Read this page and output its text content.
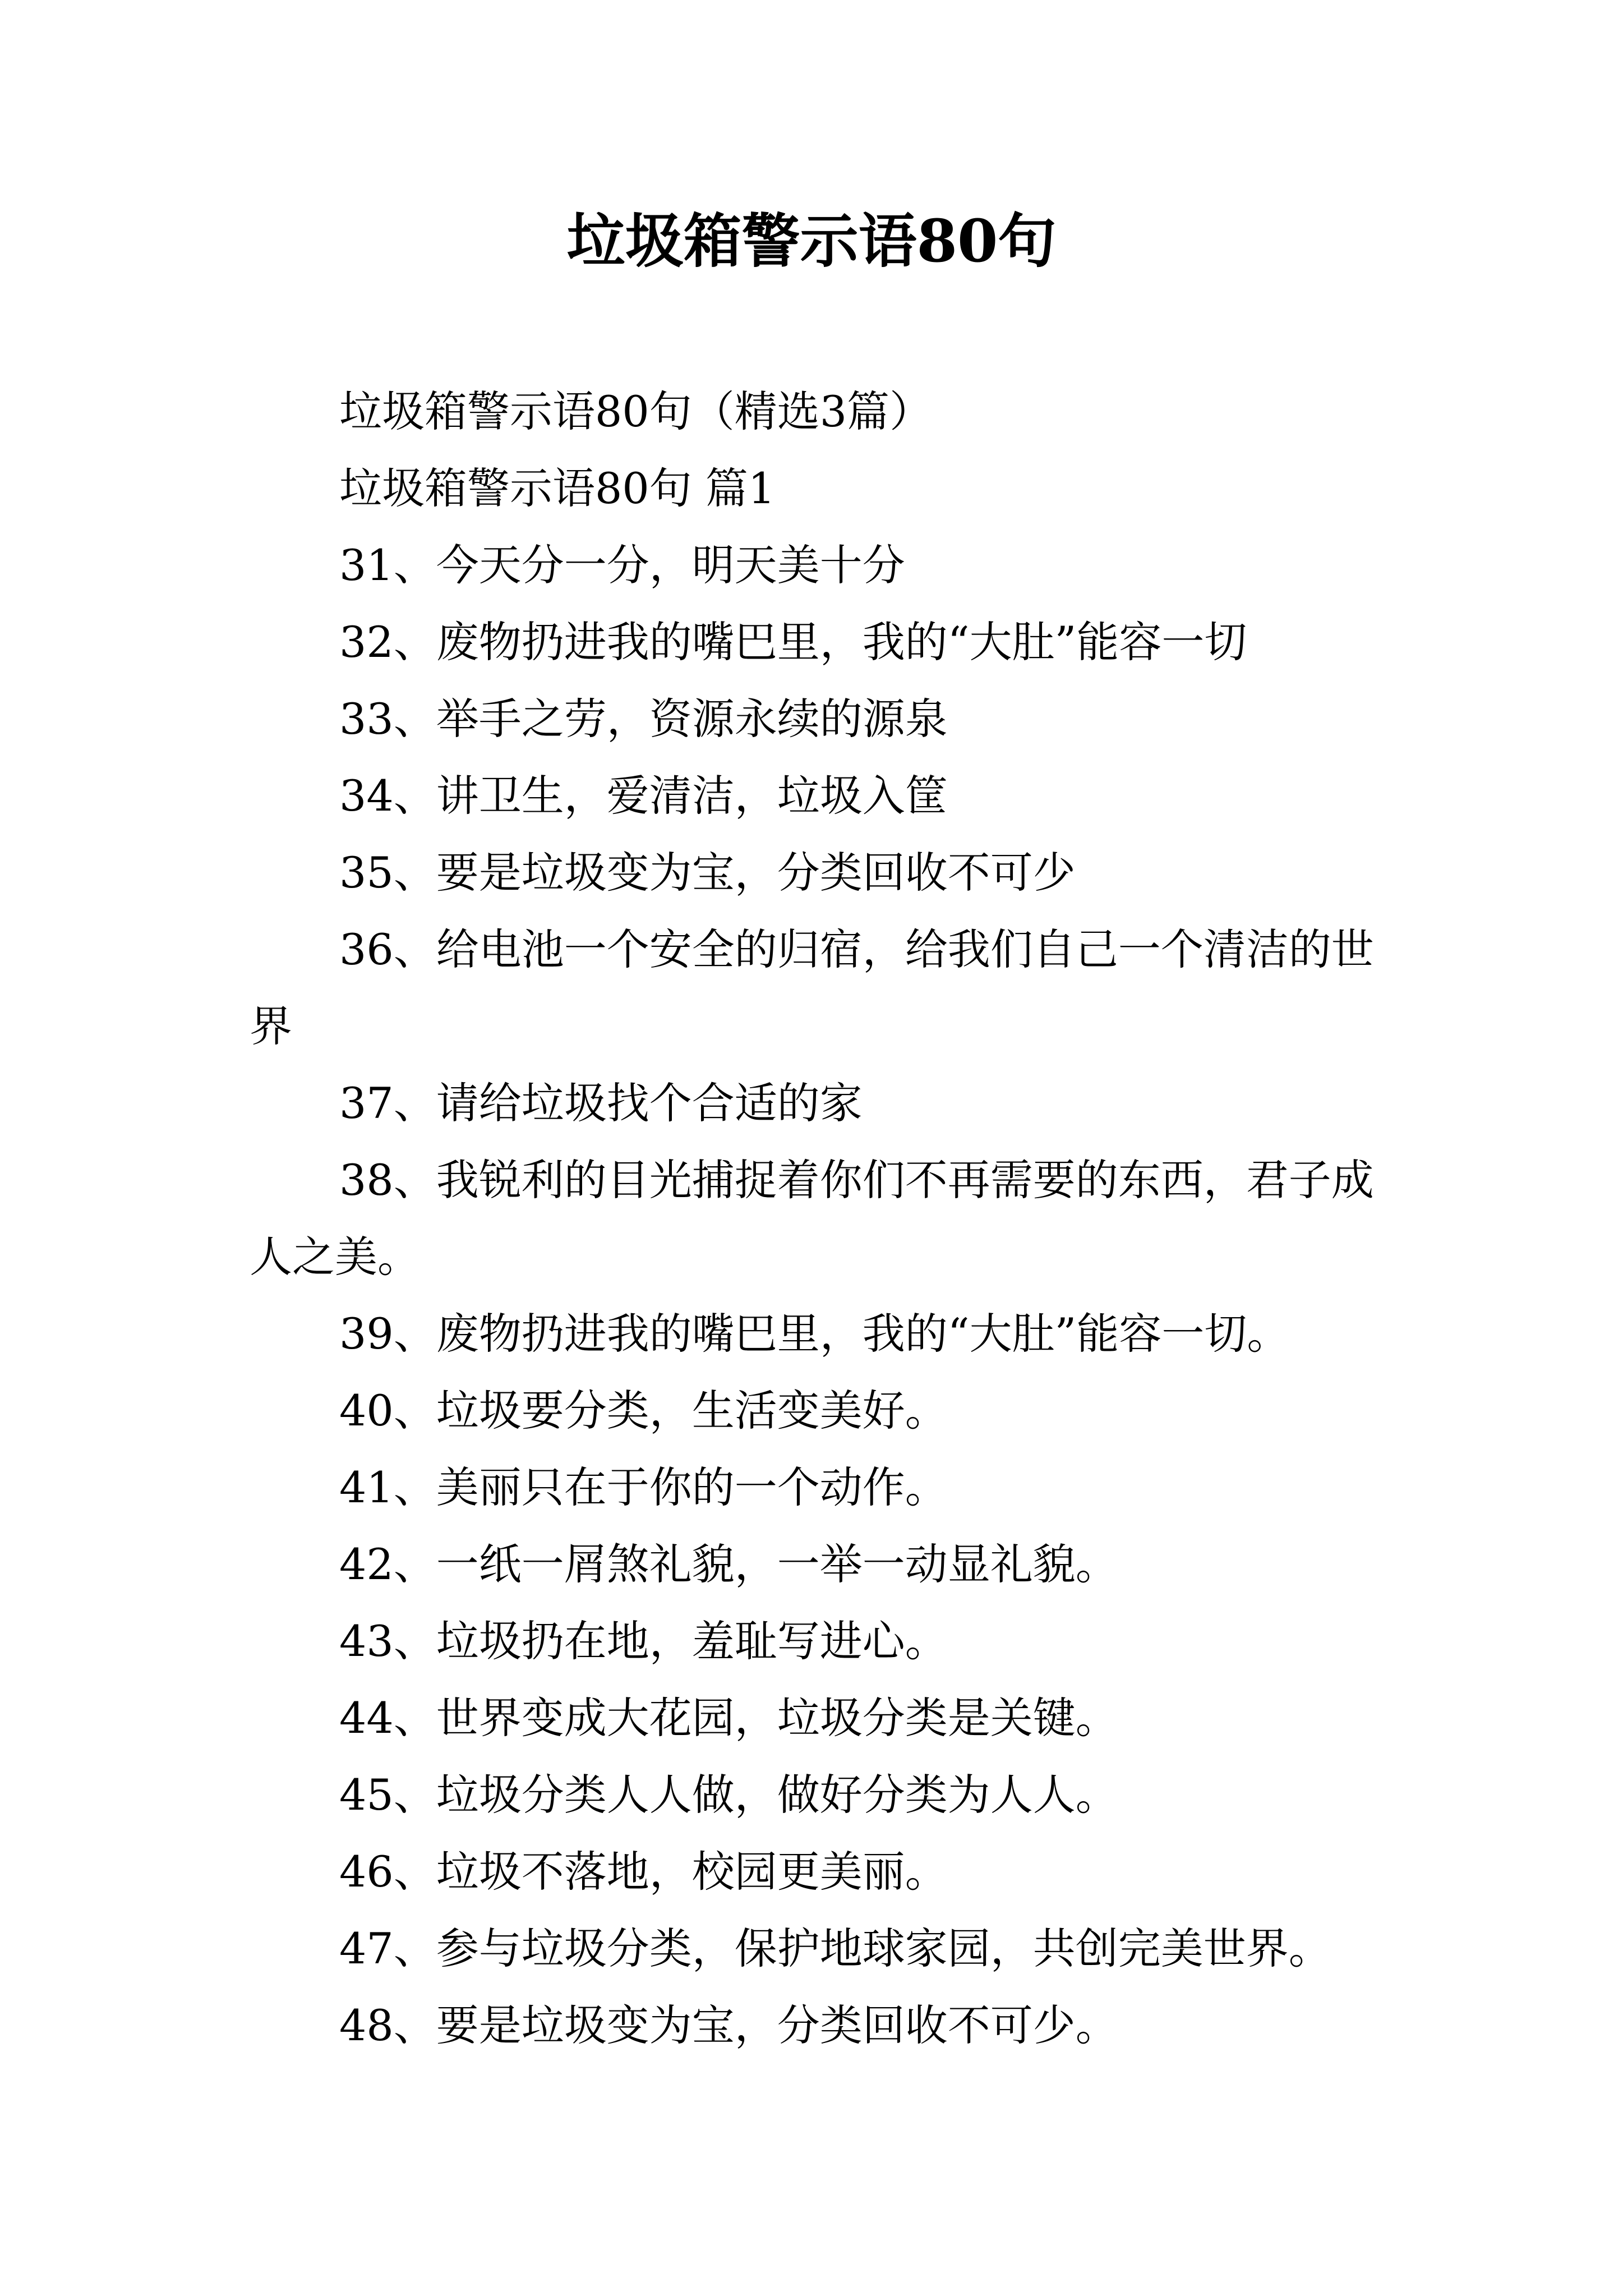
垃圾箱警示语80句

垃圾箱警示语80句（精选3篇）

垃圾箱警示语80句 篇1

31、今天分一分，明天美十分

32、废物扔进我的嘴巴里，我的“大肚”能容一切

33、举手之劳，资源永续的源泉

34、讲卫生，爱清洁，垃圾入筐

35、要是垃圾变为宝，分类回收不可少

36、给电池一个安全的归宿，给我们自己一个清洁的世界

37、请给垃圾找个合适的家

38、我锐利的目光捕捉着你们不再需要的东西，君子成人之美。

39、废物扔进我的嘴巴里，我的“大肚”能容一切。

40、垃圾要分类，生活变美好。

41、美丽只在于你的一个动作。

42、一纸一屑煞礼貌，一举一动显礼貌。

43、垃圾扔在地，羞耻写进心。

44、世界变成大花园，垃圾分类是关键。

45、垃圾分类人人做，做好分类为人人。

46、垃圾不落地，校园更美丽。

47、参与垃圾分类，保护地球家园，共创完美世界。

48、要是垃圾变为宝，分类回收不可少。
